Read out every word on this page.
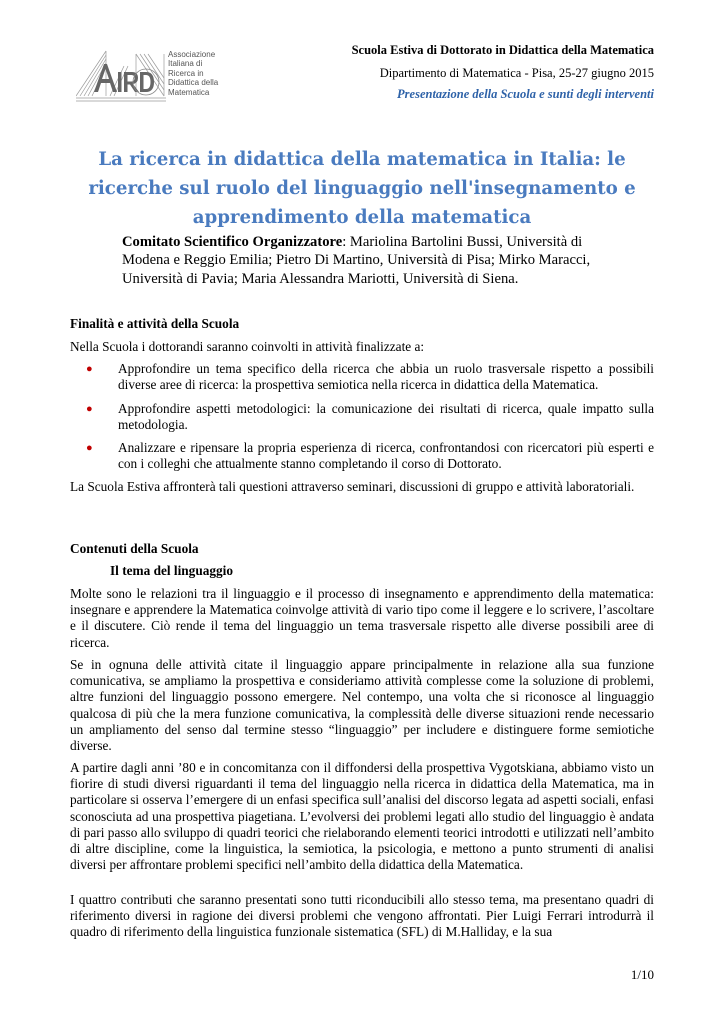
Associazione
Italiana di
Ricerca in
Didattica della
Matematica
Scuola Estiva di Dottorato in Didattica della Matematica
Dipartimento di Matematica - Pisa, 25-27 giugno 2015
Presentazione della Scuola e sunti degli interventi
La ricerca in didattica della matematica in Italia: le ricerche sul ruolo del linguaggio nell'insegnamento e apprendimento della matematica
Comitato Scientifico Organizzatore: Mariolina Bartolini Bussi, Università di Modena e Reggio Emilia; Pietro Di Martino, Università di Pisa; Mirko Maracci, Università di Pavia; Maria Alessandra Mariotti, Università di Siena.
Finalità e attività della Scuola
Nella Scuola i dottorandi saranno coinvolti in attività finalizzate a:
● Approfondire un tema specifico della ricerca che abbia un ruolo trasversale rispetto a possibili diverse aree di ricerca: la prospettiva semiotica nella ricerca in didattica della Matematica.
● Approfondire aspetti metodologici: la comunicazione dei risultati di ricerca, quale impatto sulla metodologia.
● Analizzare e ripensare la propria esperienza di ricerca, confrontandosi con ricercatori più esperti e con i colleghi che attualmente stanno completando il corso di Dottorato.
La Scuola Estiva affronterà tali questioni attraverso seminari, discussioni di gruppo e attività laboratoriali.
Contenuti della Scuola
Il tema del linguaggio
Molte sono le relazioni tra il linguaggio e il processo di insegnamento e apprendimento della matematica: insegnare e apprendere la Matematica coinvolge attività di vario tipo come il leggere e lo scrivere, l’ascoltare e il discutere. Ciò rende il tema del linguaggio un tema trasversale rispetto alle diverse possibili aree di ricerca.
Se in ognuna delle attività citate il linguaggio appare principalmente in relazione alla sua funzione comunicativa, se ampliamo la prospettiva e consideriamo attività complesse come la soluzione di problemi, altre funzioni del linguaggio possono emergere. Nel contempo, una volta che si riconosce al linguaggio qualcosa di più che la mera funzione comunicativa, la complessità delle diverse situazioni rende necessario un ampliamento del senso dal termine stesso “linguaggio” per includere e distinguere forme semiotiche diverse.
A partire dagli anni ’80 e in concomitanza con il diffondersi della prospettiva Vygotskiana, abbiamo visto un fiorire di studi diversi riguardanti il tema del linguaggio nella ricerca in didattica della Matematica, ma in particolare si osserva l’emergere di un enfasi specifica sull’analisi del discorso legata ad aspetti sociali, enfasi sconosciuta ad una prospettiva piagetiana. L’evolversi dei problemi legati allo studio del linguaggio è andata di pari passo allo sviluppo di quadri teorici che rielaborando elementi teorici introdotti e utilizzati nell’ambito di altre discipline, come la linguistica, la semiotica, la psicologia, e mettono a punto strumenti di analisi diversi per affrontare problemi specifici nell’ambito della didattica della Matematica.
I quattro contributi che saranno presentati sono tutti riconducibili allo stesso tema, ma presentano quadri di riferimento diversi in ragione dei diversi problemi che vengono affrontati. Pier Luigi Ferrari introdurrà il quadro di riferimento della linguistica funzionale sistematica (SFL) di M.Halliday, e la sua
1/10
